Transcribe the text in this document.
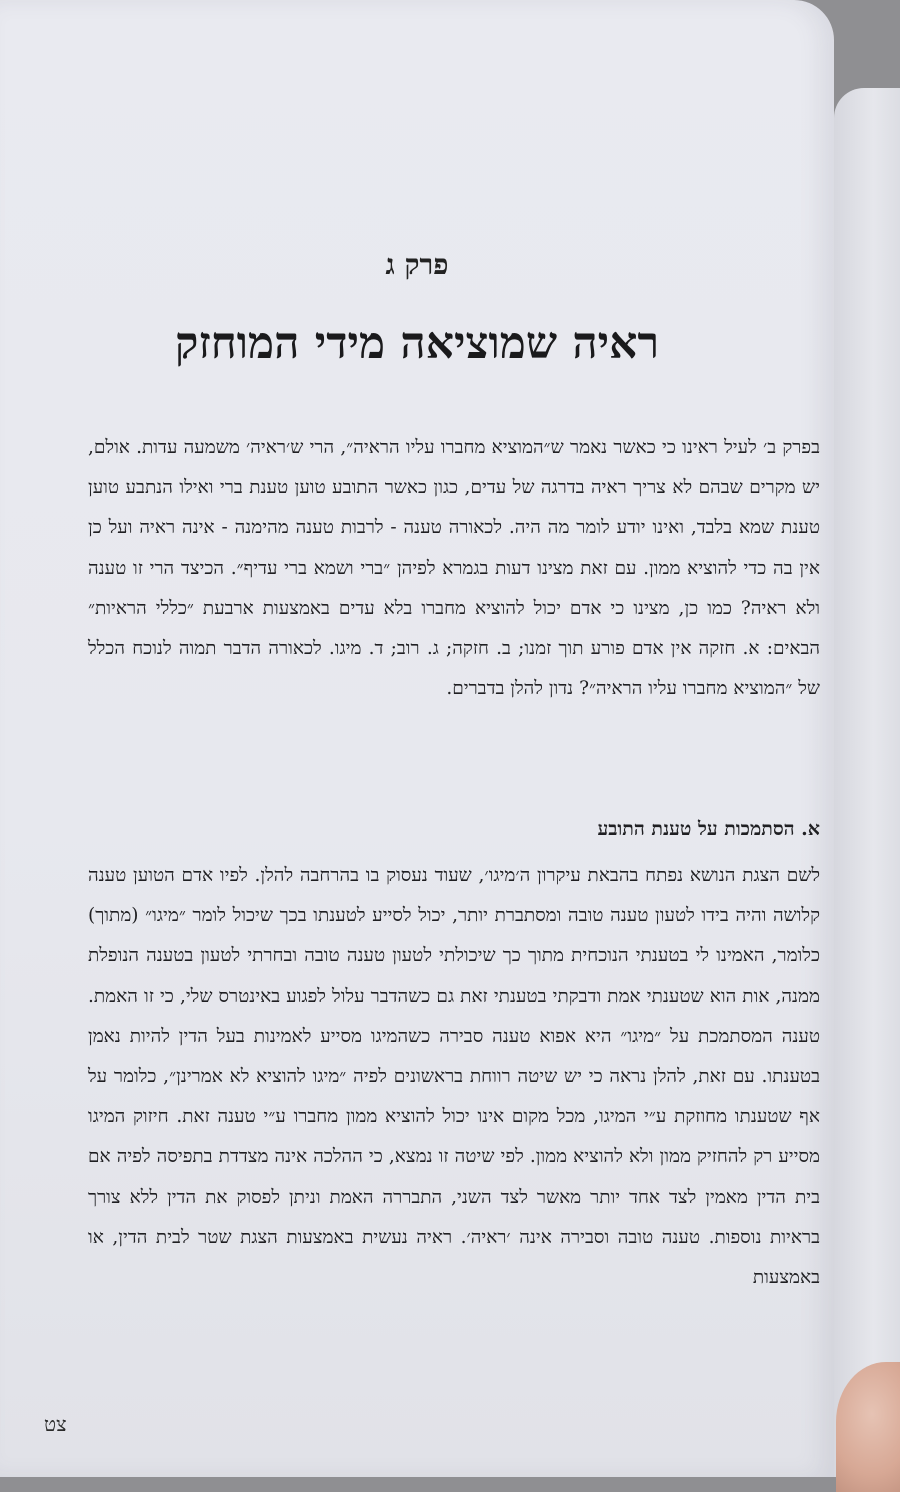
פרק ג
ראיה שמוציאה מידי המוחזק

בפרק ב׳ לעיל ראינו כי כאשר נאמר ש״המוציא מחברו עליו הראיה״, הרי ש׳ראיה׳ משמעה עדות. אולם, יש מקרים שבהם לא צריך ראיה בדרגה של עדים, כגון כאשר התובע טוען טענת ברי ואילו הנתבע טוען טענת שמא בלבד, ואינו יודע לומר מה היה. לכאורה טענה - לרבות טענה מהימנה - אינה ראיה ועל כן אין בה כדי להוציא ממון. עם זאת מצינו דעות בגמרא לפיהן ״ברי ושמא ברי עדיף״. הכיצד הרי זו טענה ולא ראיה? כמו כן, מצינו כי אדם יכול להוציא מחברו בלא עדים באמצעות ארבעת ״כללי הראיות״ הבאים: א. חזקה אין אדם פורע תוך זמנו; ב. חזקה; ג. רוב; ד. מיגו. לכאורה הדבר תמוה לנוכח הכלל של ״המוציא מחברו עליו הראיה״? נדון להלן בדברים.

א. הסתמכות על טענת התובע

לשם הצגת הנושא נפתח בהבאת עיקרון ה׳מיגו׳, שעוד נעסוק בו בהרחבה להלן. לפיו אדם הטוען טענה קלושה והיה בידו לטעון טענה טובה ומסתברת יותר, יכול לסייע לטענתו בכך שיכול לומר ״מיגו״ (מתוך) כלומר, האמינו לי בטענתי הנוכחית מתוך כך שיכולתי לטעון טענה טובה ובחרתי לטעון בטענה הנופלת ממנה, אות הוא שטענתי אמת ודבקתי בטענתי זאת גם כשהדבר עלול לפגוע באינטרס שלי, כי זו האמת. טענה המסתמכת על ״מיגו״ היא אפוא טענה סבירה כשהמיגו מסייע לאמינות בעל הדין להיות נאמן בטענתו. עם זאת, להלן נראה כי יש שיטה רווחת בראשונים לפיה ״מיגו להוציא לא אמרינן״, כלומר על אף שטענתו מחוזקת ע״י המיגו, מכל מקום אינו יכול להוציא ממון מחברו ע״י טענה זאת. חיזוק המיגו מסייע רק להחזיק ממון ולא להוציא ממון. לפי שיטה זו נמצא, כי ההלכה אינה מצדדת בתפיסה לפיה אם בית הדין מאמין לצד אחד יותר מאשר לצד השני, התבררה האמת וניתן לפסוק את הדין ללא צורך בראיות נוספות. טענה טובה וסבירה אינה ׳ראיה׳. ראיה נעשית באמצעות הצגת שטר לבית הדין, או באמצעות

צט
